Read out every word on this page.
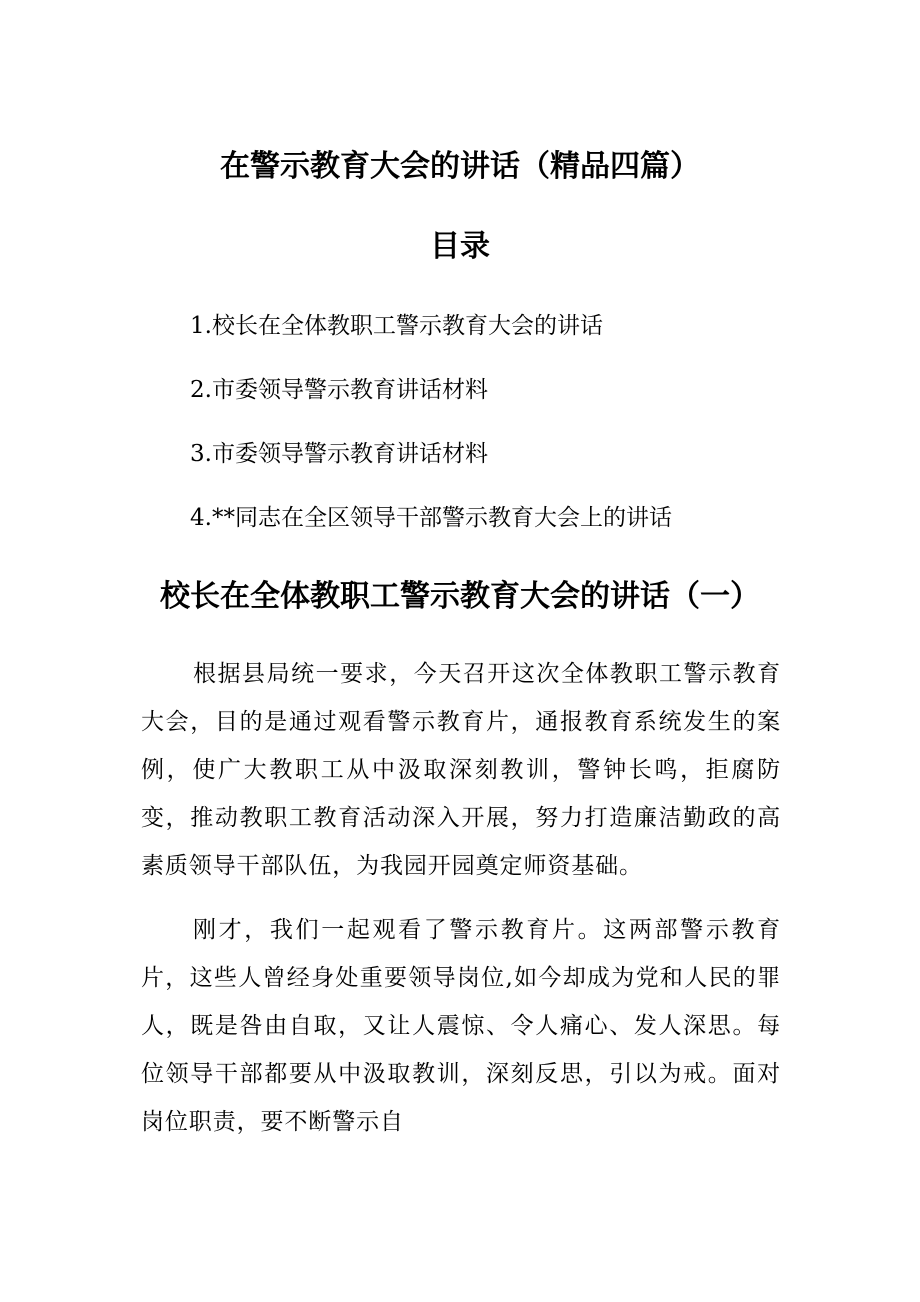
在警示教育大会的讲话（精品四篇）
目录
1.校长在全体教职工警示教育大会的讲话
2.市委领导警示教育讲话材料
3.市委领导警示教育讲话材料
4.**同志在全区领导干部警示教育大会上的讲话
校长在全体教职工警示教育大会的讲话（一）

根据县局统一要求，今天召开这次全体教职工警示教育大会，目的是通过观看警示教育片，通报教育系统发生的案例，使广大教职工从中汲取深刻教训，警钟长鸣，拒腐防变，推动教职工教育活动深入开展，努力打造廉洁勤政的高素质领导干部队伍，为我园开园奠定师资基础。

刚才，我们一起观看了警示教育片。这两部警示教育片，这些人曾经身处重要领导岗位,如今却成为党和人民的罪人，既是咎由自取，又让人震惊、令人痛心、发人深思。每位领导干部都要从中汲取教训，深刻反思，引以为戒。面对岗位职责，要不断警示自
